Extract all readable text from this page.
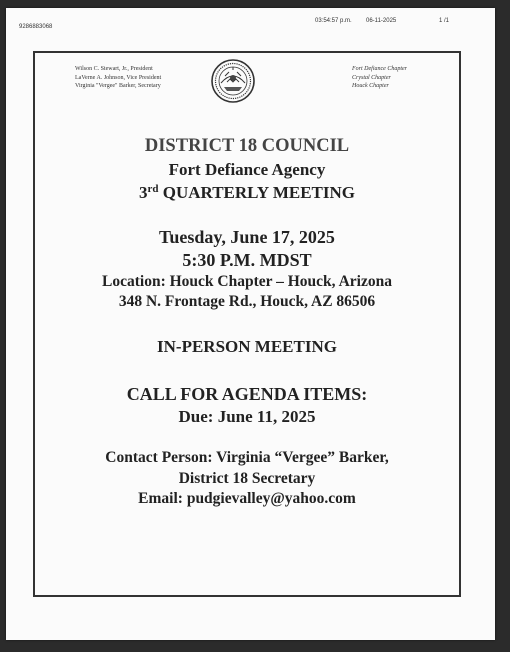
9286883068
03:54:57 p.m. 06-11-2025	1 /1
Wilson C. Stewart, Jr., President
LaVerne A. Johnson, Vice President
Virginia "Vergee" Barker, Secretary
Fort Defiance Chapter
Crystal Chapter
Houck Chapter
DISTRICT 18 COUNCIL
Fort Defiance Agency
3rd QUARTERLY MEETING
Tuesday, June 17, 2025
5:30 P.M. MDST
Location: Houck Chapter – Houck, Arizona
348 N. Frontage Rd., Houck, AZ 86506
IN-PERSON MEETING
CALL FOR AGENDA ITEMS:
Due: June 11, 2025
Contact Person: Virginia “Vergee” Barker,
District 18 Secretary
Email: pudgievalley@yahoo.com
